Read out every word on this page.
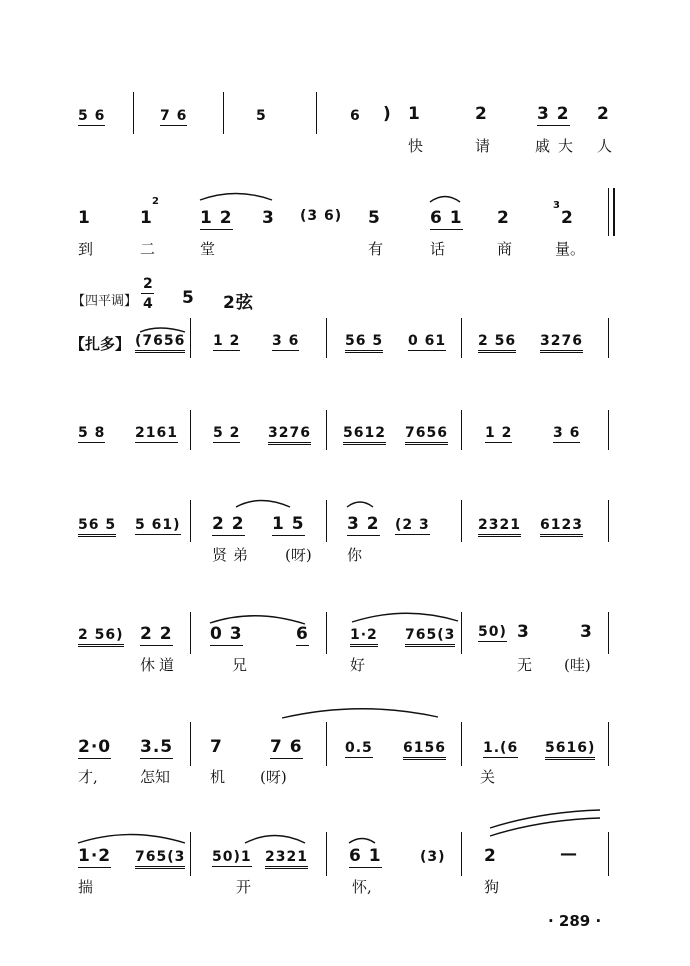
5 6	7 6	5	6 ) 1	2	3 2 2
快	请	戚大 人
1	1
2
1 2 3 (3 6) 5	6 1 2
3
2
到	二	堂	有	话	商	量。
【四平调】
2
4 5 2弦
【扎多】 (7656 1 2 3 6	56 5 0 61 2 56 3276
5 8 2161	5 2 3276 5612 7656	1 2	3 6
56 5 5 61) 2 2 1 5 3 2 (2 3	2321 6123
贤弟 (呀) 你
2 56) 2 2 0 3	6	1·2 765(3 50) 3	3
休道	兄	好	无 (哇)
2·0 3.5 7	7 6	0.5 6156	1.(6 5616)
才,	怎知	机 (呀)	关
1·2 765(3 50)1 2321 6 1	(3) 2	—
揣	开	怀,	狗
· 289 ·
